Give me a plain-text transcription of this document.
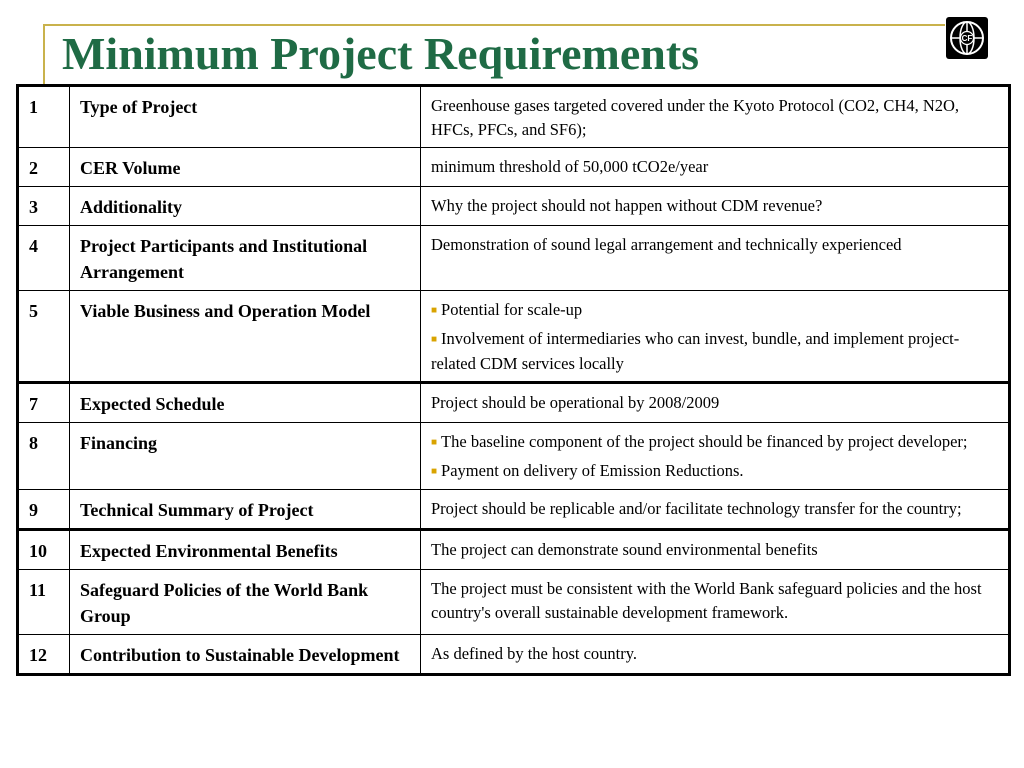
Minimum Project Requirements	CF
1	Type of Project	Greenhouse gases targeted covered under the Kyoto Protocol (CO2, CH4, N2O, HFCs, PFCs, and SF6);
2	CER Volume	minimum threshold of 50,000 tCO2e/year
3	Additionality	Why the project should not happen without CDM revenue?
4	Project Participants and Institutional Arrangement	Demonstration of sound legal arrangement and technically experienced
5	Viable Business and Operation Model	■ Potential for scale-up
■ Involvement of intermediaries who can invest, bundle, and implement project-related CDM services locally

7	Expected Schedule	Project should be operational by 2008/2009
8	Financing	■ The baseline component of the project should be financed by project developer;
■ Payment on delivery of Emission Reductions.

9	Technical Summary of Project	Project should be replicable and/or facilitate technology transfer for the country;
10	Expected Environmental Benefits	The project can demonstrate sound environmental benefits
11	Safeguard Policies of the World Bank Group	The project must be consistent with the World Bank safeguard policies and the host country's overall sustainable development framework.
12	Contribution to Sustainable Development	As defined by the host country.
